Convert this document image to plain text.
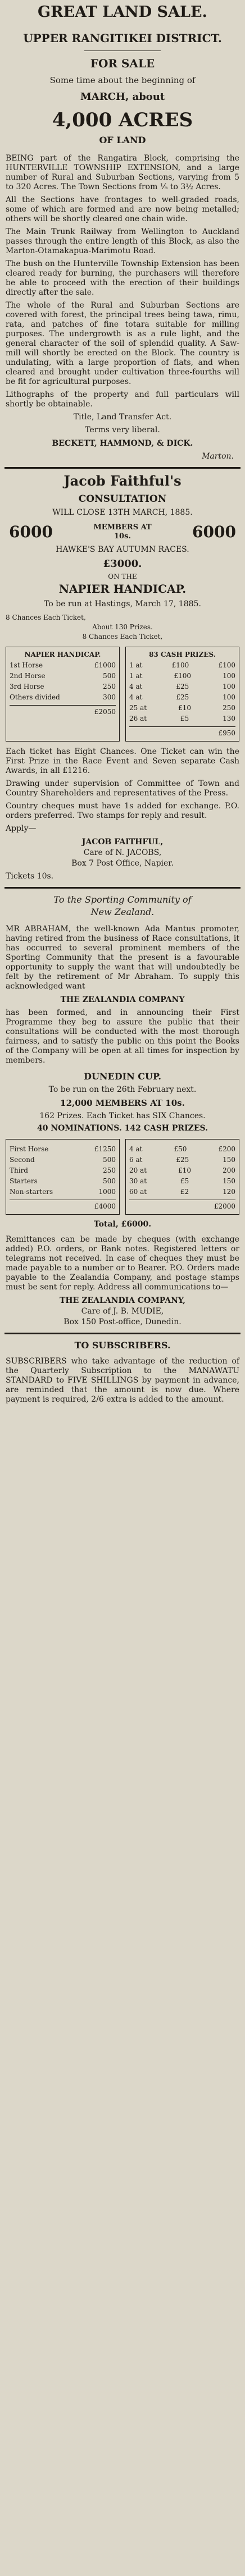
GREAT LAND SALE.
UPPER RANGITIKEI DISTRICT.
FOR SALE
Some time about the beginning of
MARCH, about
4,000 ACRES
OF LAND
BEING part of the Rangatira Block, comprising the HUNTERVILLE TOWNSHIP EXTENSION, and a large number of Rural and Suburban Sections, varying from 5 to 320 Acres. The Town Sections from ⅕ to 3½ Acres.
All the Sections have frontages to well-graded roads, some of which are formed and are now being metalled; others will be shortly cleared one chain wide.
The Main Trunk Railway from Wellington to Auckland passes through the entire length of this Block, as also the Marton-Otamakapua-Marimotu Road.
The bush on the Hunterville Township Extension has been cleared ready for burning, the purchasers will therefore be able to proceed with the erection of their buildings directly after the sale.
The whole of the Rural and Suburban Sections are covered with forest, the principal trees being tawa, rimu, rata, and patches of fine totara suitable for milling purposes. The undergrowth is as a rule light, and the general character of the soil of splendid quality. A Saw-mill will shortly be erected on the Block. The country is undulating, with a large proportion of flats, and when cleared and brought under cultivation three-fourths will be fit for agricultural purposes.
Lithographs of the property and full particulars will shortly be obtainable.
Title, Land Transfer Act.
Terms very liberal.
BECKETT, HAMMOND, & DICK.
Marton.
Jacob Faithful's
CONSULTATION
WILL CLOSE 13TH MARCH, 1885.
6000	MEMBERS AT
10s.	6000
HAWKE'S BAY AUTUMN RACES.
£3000.
ON THE
NAPIER HANDICAP.
To be run at Hastings, March 17, 1885.
8 Chances Each Ticket,
About 130 Prizes.
8 Chances Each Ticket,
NAPIER HANDICAP.
1st Horse	£1000
2nd Horse	500
3rd Horse	250
Others divided	300
£2050
83 CASH PRIZES.
1 at	£100	£100
1 at	£100	100
4 at	£25	100
4 at	£25	100
25 at	£10	250
26 at	£5	130
£950
Each ticket has Eight Chances. One Ticket can win the First Prize in the Race Event and Seven separate Cash Awards, in all £1216.
Drawing under supervision of Committee of Town and Country Shareholders and representatives of the Press.
Country cheques must have 1s added for exchange. P.O. orders preferred. Two stamps for reply and result.
Apply—
JACOB FAITHFUL,
Care of N. JACOBS,
Box 7 Post Office, Napier.
Tickets 10s.
To the Sporting Community of
New Zealand.
MR ABRAHAM, the well-known Ada Mantus promoter, having retired from the business of Race consultations, it has occurred to several prominent members of the Sporting Community that the present is a favourable opportunity to supply the want that will undoubtedly be felt by the retirement of Mr Abraham. To supply this acknowledged want
THE ZEALANDIA COMPANY
has been formed, and in announcing their First Programme they beg to assure the public that their consultations will be conducted with the most thorough fairness, and to satisfy the public on this point the Books of the Company will be open at all times for inspection by members.
DUNEDIN CUP.
To be run on the 26th February next.
12,000 MEMBERS AT 10s.
162 Prizes. Each Ticket has SIX Chances.
40 NOMINATIONS. 142 CASH PRIZES.
First Horse	£1250
Second	500
Third	250
Starters	500
Non-starters	1000
£4000
4 at	£50	£200
6 at	£25	150
20 at	£10	200
30 at	£5	150
60 at	£2	120
£2000
Total, £6000.
Remittances can be made by cheques (with exchange added) P.O. orders, or Bank notes. Registered letters or telegrams not received. In case of cheques they must be made payable to a number or to Bearer. P.O. Orders made payable to the Zealandia Company, and postage stamps must be sent for reply. Address all communications to—
THE ZEALANDIA COMPANY,
Care of J. B. MUDIE,
Box 150 Post-office, Dunedin.
TO SUBSCRIBERS.
SUBSCRIBERS who take advantage of the reduction of the Quarterly Subscription to the MANAWATU STANDARD to FIVE SHILLINGS by payment in advance, are reminded that the amount is now due. Where payment is required, 2/6 extra is added to the amount.
